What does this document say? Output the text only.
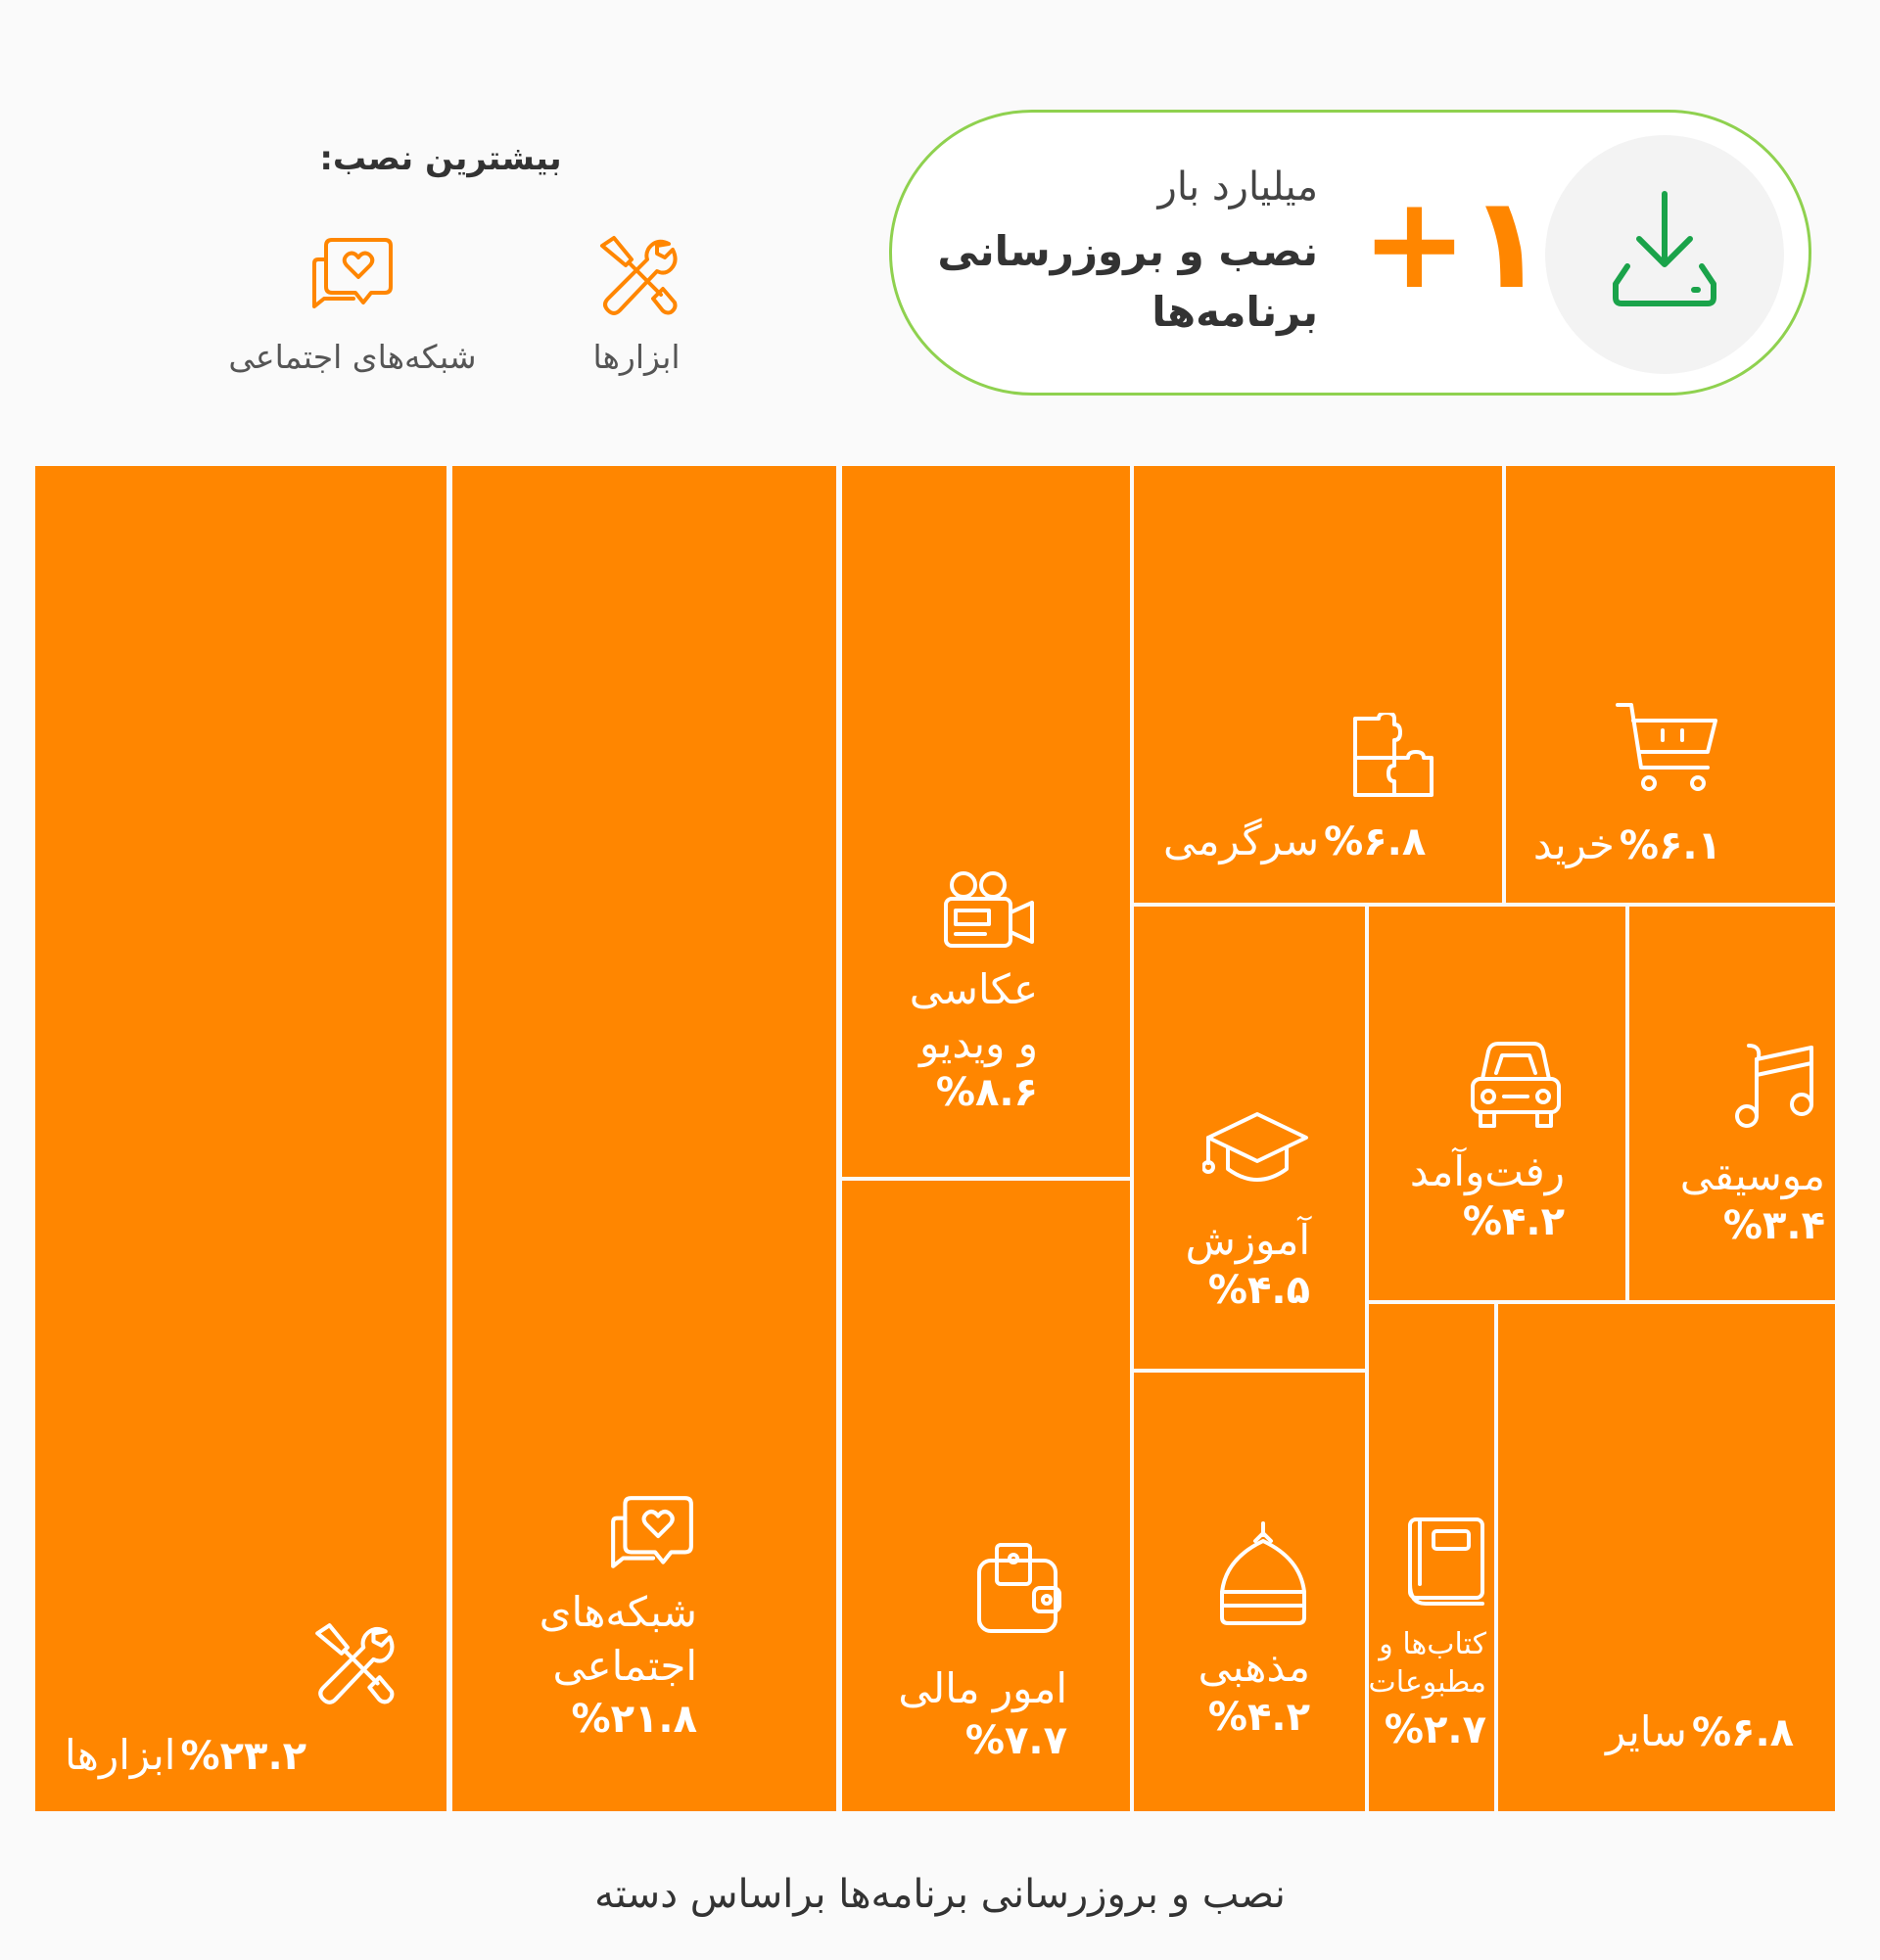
+۱
میلیارد بار
نصب و بروزرسانی
برنامه‌ها
بیشترین نصب:
ابزارها
شبکه‌های اجتماعی
%۲۳.۲ ابزارها
شبکه‌های
اجتماعی
%۲۱.۸
عکاسی
و ویدیو
%۸.۶
امور مالی
%۷.۷
%۶.۸ سرگرمی	%۶.۱ خرید
آموزش
%۴.۵
رفت‌وآمد
%۴.۲
موسیقی
%۳.۴
مذهبی
%۴.۲
کتاب‌ها و
مطبوعات
%۲.۷	%۶.۸ سایر
نصب و بروزرسانی برنامه‌ها براساس دسته
